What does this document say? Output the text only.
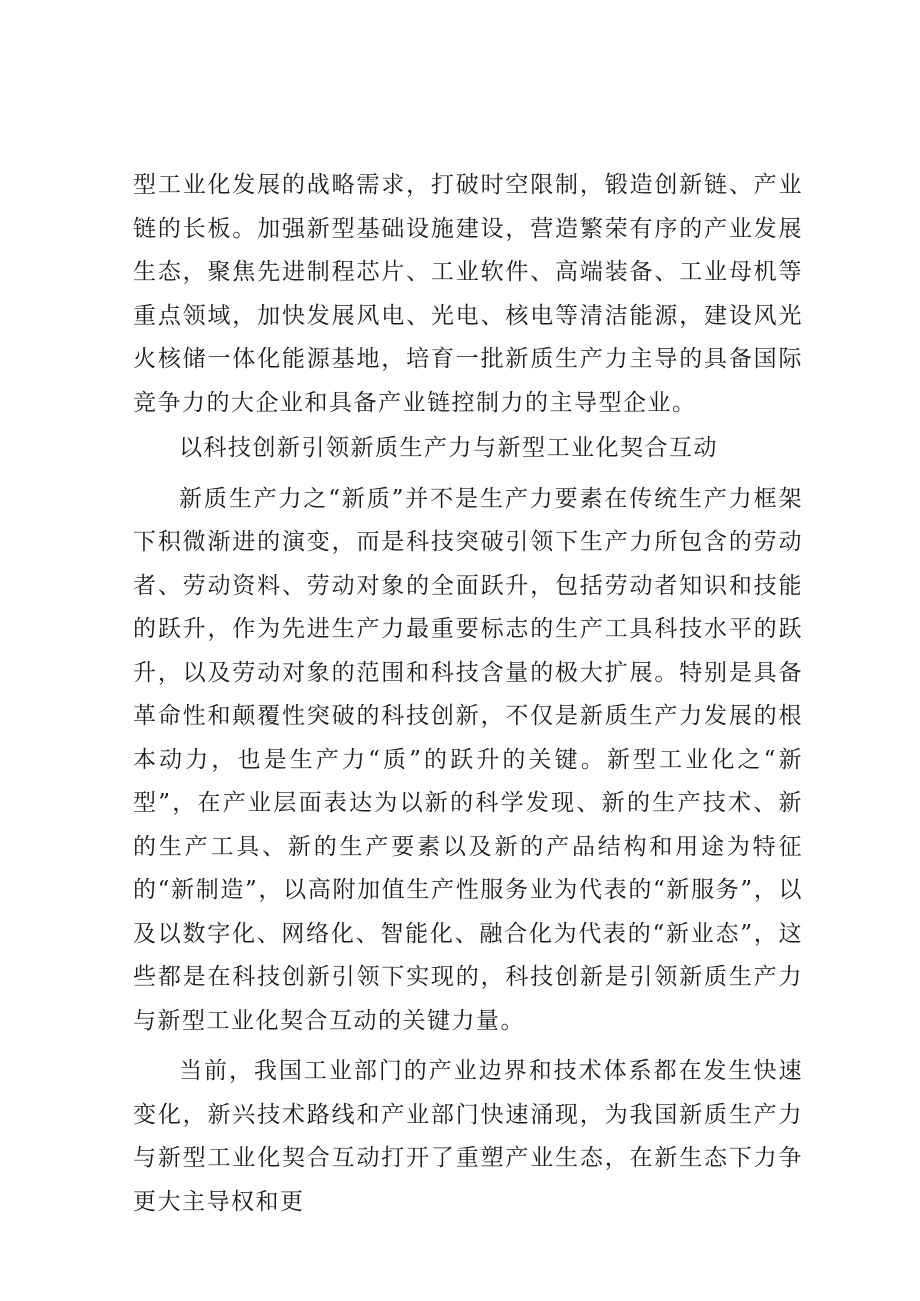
型工业化发展的战略需求，打破时空限制，锻造创新链、产业链的长板。加强新型基础设施建设，营造繁荣有序的产业发展生态，聚焦先进制程芯片、工业软件、高端装备、工业母机等重点领域，加快发展风电、光电、核电等清洁能源，建设风光火核储一体化能源基地，培育一批新质生产力主导的具备国际竞争力的大企业和具备产业链控制力的主导型企业。

以科技创新引领新质生产力与新型工业化契合互动

新质生产力之“新质”并不是生产力要素在传统生产力框架下积微渐进的演变，而是科技突破引领下生产力所包含的劳动者、劳动资料、劳动对象的全面跃升，包括劳动者知识和技能的跃升，作为先进生产力最重要标志的生产工具科技水平的跃升，以及劳动对象的范围和科技含量的极大扩展。特别是具备革命性和颠覆性突破的科技创新，不仅是新质生产力发展的根本动力，也是生产力“质”的跃升的关键。新型工业化之“新型”，在产业层面表达为以新的科学发现、新的生产技术、新的生产工具、新的生产要素以及新的产品结构和用途为特征的“新制造”，以高附加值生产性服务业为代表的“新服务”，以及以数字化、网络化、智能化、融合化为代表的“新业态”，这些都是在科技创新引领下实现的，科技创新是引领新质生产力与新型工业化契合互动的关键力量。

当前，我国工业部门的产业边界和技术体系都在发生快速变化，新兴技术路线和产业部门快速涌现，为我国新质生产力与新型工业化契合互动打开了重塑产业生态，在新生态下力争更大主导权和更
